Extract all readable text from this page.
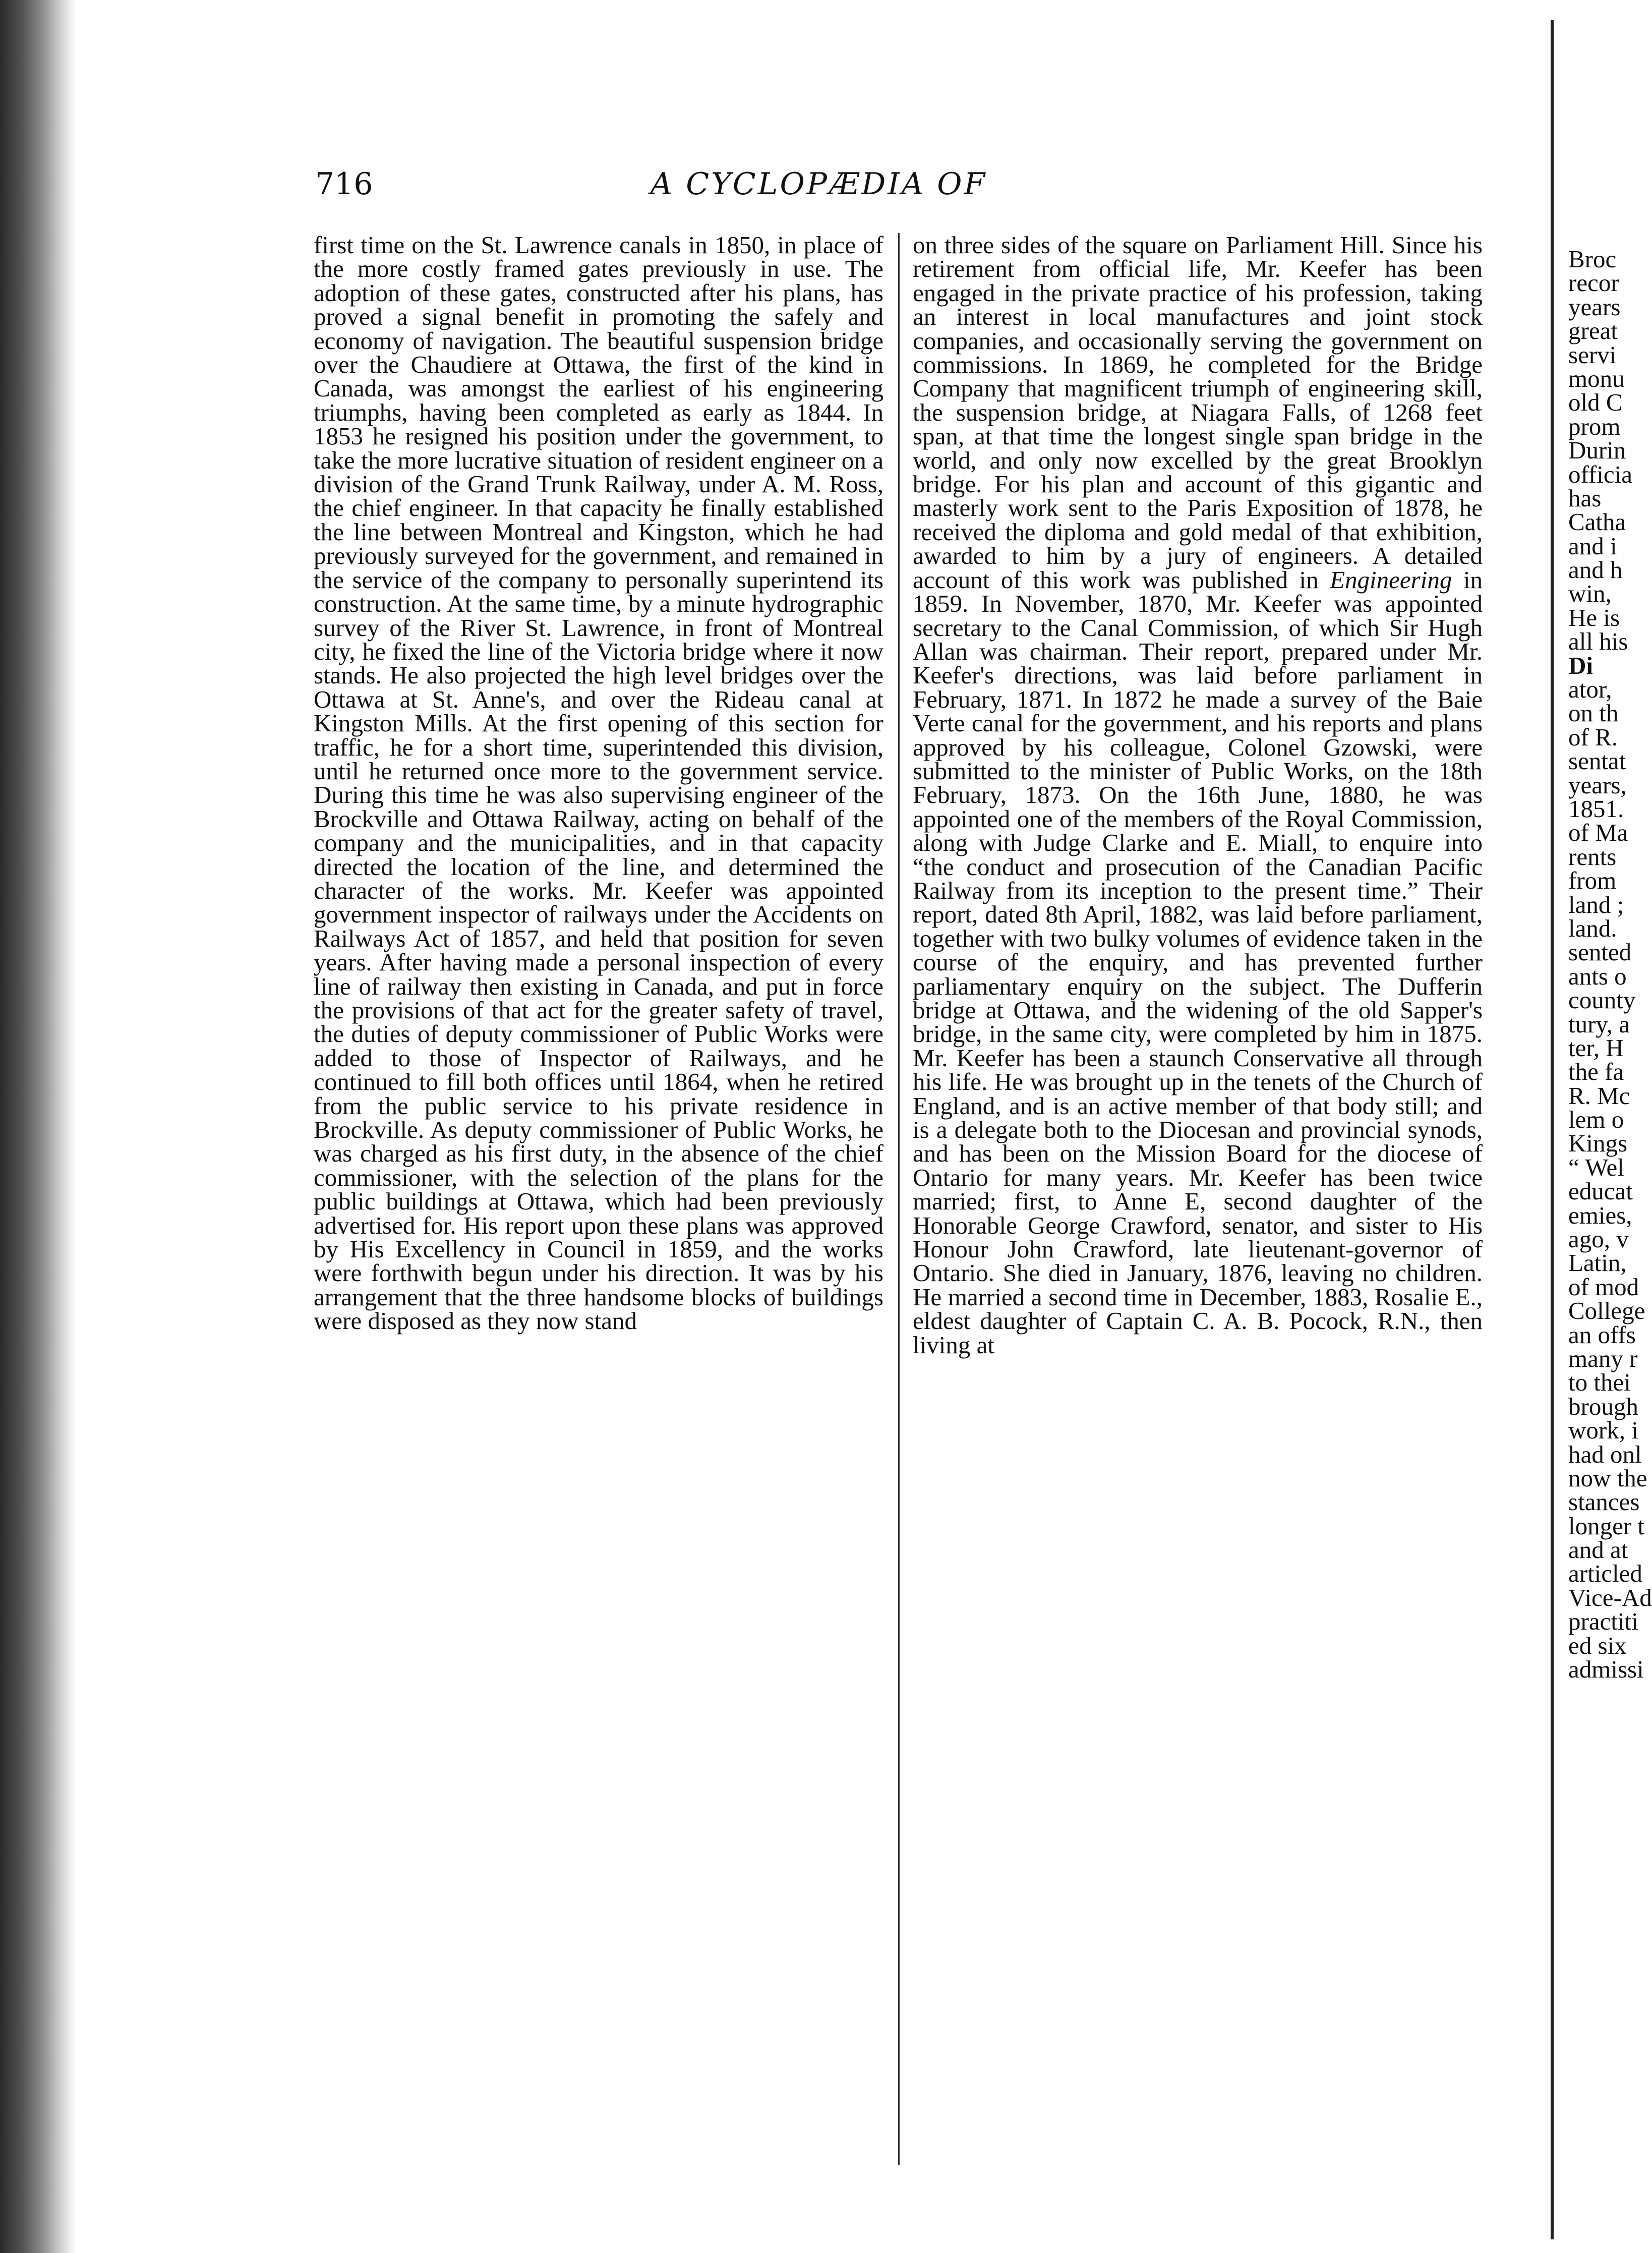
716	A CYCLOPÆDIA OF

first time on the St. Lawrence canals in 1850, in place of the more costly framed gates previously in use. The adoption of these gates, constructed after his plans, has proved a signal benefit in promoting the safely and economy of navigation. The beautiful suspension bridge over the Chaudiere at Ottawa, the first of the kind in Canada, was amongst the earliest of his engineering triumphs, having been completed as early as 1844. In 1853 he resigned his position under the government, to take the more lucrative situation of resident engineer on a division of the Grand Trunk Railway, under A. M. Ross, the chief engineer. In that capacity he finally established the line between Montreal and Kingston, which he had previously surveyed for the government, and remained in the service of the company to personally superintend its construction. At the same time, by a minute hydrographic survey of the River St. Lawrence, in front of Montreal city, he fixed the line of the Victoria bridge where it now stands. He also projected the high level bridges over the Ottawa at St. Anne's, and over the Rideau canal at Kingston Mills. At the first opening of this section for traffic, he for a short time, superintended this division, until he returned once more to the government service. During this time he was also supervising engineer of the Brockville and Ottawa Railway, acting on behalf of the company and the municipalities, and in that capacity directed the location of the line, and determined the character of the works. Mr. Keefer was appointed government inspector of railways under the Accidents on Railways Act of 1857, and held that position for seven years. After having made a personal inspection of every line of railway then existing in Canada, and put in force the provisions of that act for the greater safety of travel, the duties of deputy commissioner of Public Works were added to those of Inspector of Railways, and he continued to fill both offices until 1864, when he retired from the public service to his private residence in Brockville. As deputy commissioner of Public Works, he was charged as his first duty, in the absence of the chief commissioner, with the selection of the plans for the public buildings at Ottawa, which had been previously advertised for. His report upon these plans was approved by His Excellency in Council in 1859, and the works were forthwith begun under his direction. It was by his arrangement that the three handsome blocks of buildings were disposed as they now stand

on three sides of the square on Parliament Hill. Since his retirement from official life, Mr. Keefer has been engaged in the private practice of his profession, taking an interest in local manufactures and joint stock companies, and occasionally serving the government on commissions. In 1869, he completed for the Bridge Company that magnificent triumph of engineering skill, the suspension bridge, at Niagara Falls, of 1268 feet span, at that time the longest single span bridge in the world, and only now excelled by the great Brooklyn bridge. For his plan and account of this gigantic and masterly work sent to the Paris Exposition of 1878, he received the diploma and gold medal of that exhibition, awarded to him by a jury of engineers. A detailed account of this work was published in Engineering in 1859. In November, 1870, Mr. Keefer was appointed secretary to the Canal Commission, of which Sir Hugh Allan was chairman. Their report, prepared under Mr. Keefer's directions, was laid before parliament in February, 1871. In 1872 he made a survey of the Baie Verte canal for the government, and his reports and plans approved by his colleague, Colonel Gzowski, were submitted to the minister of Public Works, on the 18th February, 1873. On the 16th June, 1880, he was appointed one of the members of the Royal Commission, along with Judge Clarke and E. Miall, to enquire into “the conduct and prosecution of the Canadian Pacific Railway from its inception to the present time.” Their report, dated 8th April, 1882, was laid before parliament, together with two bulky volumes of evidence taken in the course of the enquiry, and has prevented further parliamentary enquiry on the subject. The Dufferin bridge at Ottawa, and the widening of the old Sapper's bridge, in the same city, were completed by him in 1875. Mr. Keefer has been a staunch Conservative all through his life. He was brought up in the tenets of the Church of England, and is an active member of that body still; and is a delegate both to the Diocesan and provincial synods, and has been on the Mission Board for the diocese of Ontario for many years. Mr. Keefer has been twice married; first, to Anne E, second daughter of the Honorable George Crawford, senator, and sister to His Honour John Crawford, late lieutenant-governor of Ontario. She died in January, 1876, leaving no children. He married a second time in December, 1883, Rosalie E., eldest daughter of Captain C. A. B. Pocock, R.N., then living at

Broc
recor
years
great
servi
monu
old C
prom
Durin
officia
has
Catha
and i
and h
win,
He is
all his
Di
ator,
on th
of R.
sentat
years,
1851.
of Ma
rents
from
land ;
land.
sented
ants o
county
tury, a
ter, H
the fa
R. Mc
lem o
Kings
“ Wel
educat
emies,
ago, v
Latin,
of mod
College
an offs
many r
to thei
brough
work, i
had onl
now the
stances
longer t
and at
articled
Vice-Ad
practiti
ed six
admissi
